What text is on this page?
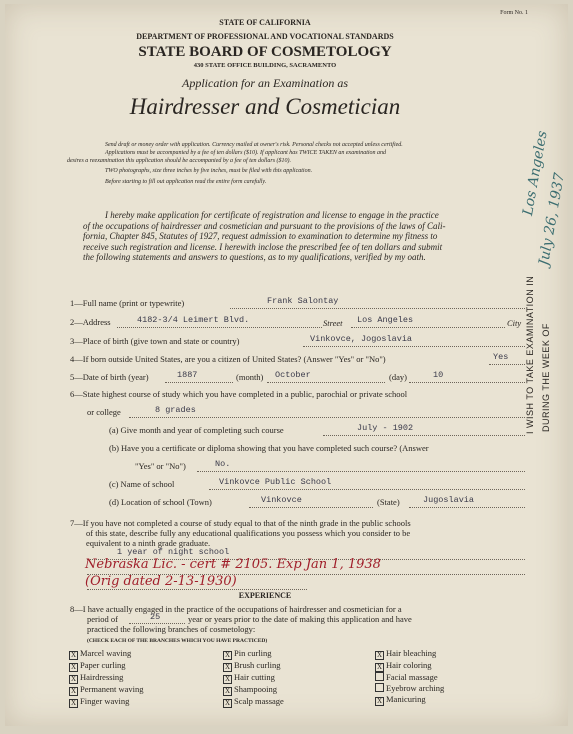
Form No. 1
STATE OF CALIFORNIA
DEPARTMENT OF PROFESSIONAL AND VOCATIONAL STANDARDS
STATE BOARD OF COSMETOLOGY
430 STATE OFFICE BUILDING, SACRAMENTO
Application for an Examination as
Hairdresser and Cosmetician
Send draft or money order with application. Currency mailed at owner's risk. Personal checks not accepted unless certified.
Applications must be accompanied by a fee of ten dollars ($10). If applicant has TWICE TAKEN an examination and
desires a reexamination this application should be accompanied by a fee of ten dollars ($10).
TWO photographs, size three inches by five inches, must be filed with this application.
Before starting to fill out application read the entire form carefully.
I hereby make application for certificate of registration and license to engage in the practice
of the occupations of hairdresser and cosmetician and pursuant to the provisions of the laws of Cali-
fornia, Chapter 845, Statutes of 1927, request admission to examination to determine my fitness to
receive such registration and license. I herewith inclose the prescribed fee of ten dollars and submit
the following statements and answers to questions, as to my qualifications, verified by my oath.
1—Full name (print or typewrite)	Frank Salontay
2—Address	4182-3/4 Leimert Blvd.	Street Los Angeles	City
3—Place of birth (give town and state or country)	Vinkovce, Jogoslavia
4—If born outside United States, are you a citizen of United States? (Answer "Yes" or "No")	Yes
5—Date of birth (year)	1887	(month) October	(day)	10
6—State highest course of study which you have completed in a public, parochial or private school
or college	8 grades
(a) Give month and year of completing such course	July - 1902
(b) Have you a certificate or diploma showing that you have completed such course? (Answer
"Yes" or "No")	No.
(c) Name of school	Vinkovce Public School
(d) Location of school (Town)	Vinkovce	(State)	Jugoslavia
7—If you have not completed a course of study equal to that of the ninth grade in the public schools
of this state, describe fully any educational qualifications you possess which you consider to be
equivalent to a ninth grade graduate.
1 year of night school
Nebraska Lic. - cert # 2105. Exp Jan 1, 1938
(Orig dated 2-13-1930)
EXPERIENCE
8—I have actually engaged in the practice of the occupations of hairdresser and cosmetician for a
period of	25	year or years prior to the date of making this application and have
practiced the following branches of cosmetology:
(CHECK EACH OF THE BRANCHES WHICH YOU HAVE PRACTICED)
X Marcel waving
X Paper curling
X Hairdressing
X Permanent waving
X Finger waving
X Pin curling
X Brush curling
X Hair cutting
X Shampooing
X Scalp massage
X Hair bleaching
X Hair coloring
Facial massage
Eyebrow arching
X Manicuring
I WISH TO TAKE EXAMINATION IN DURING THE WEEK OF
Los Angeles
July 26, 1937
